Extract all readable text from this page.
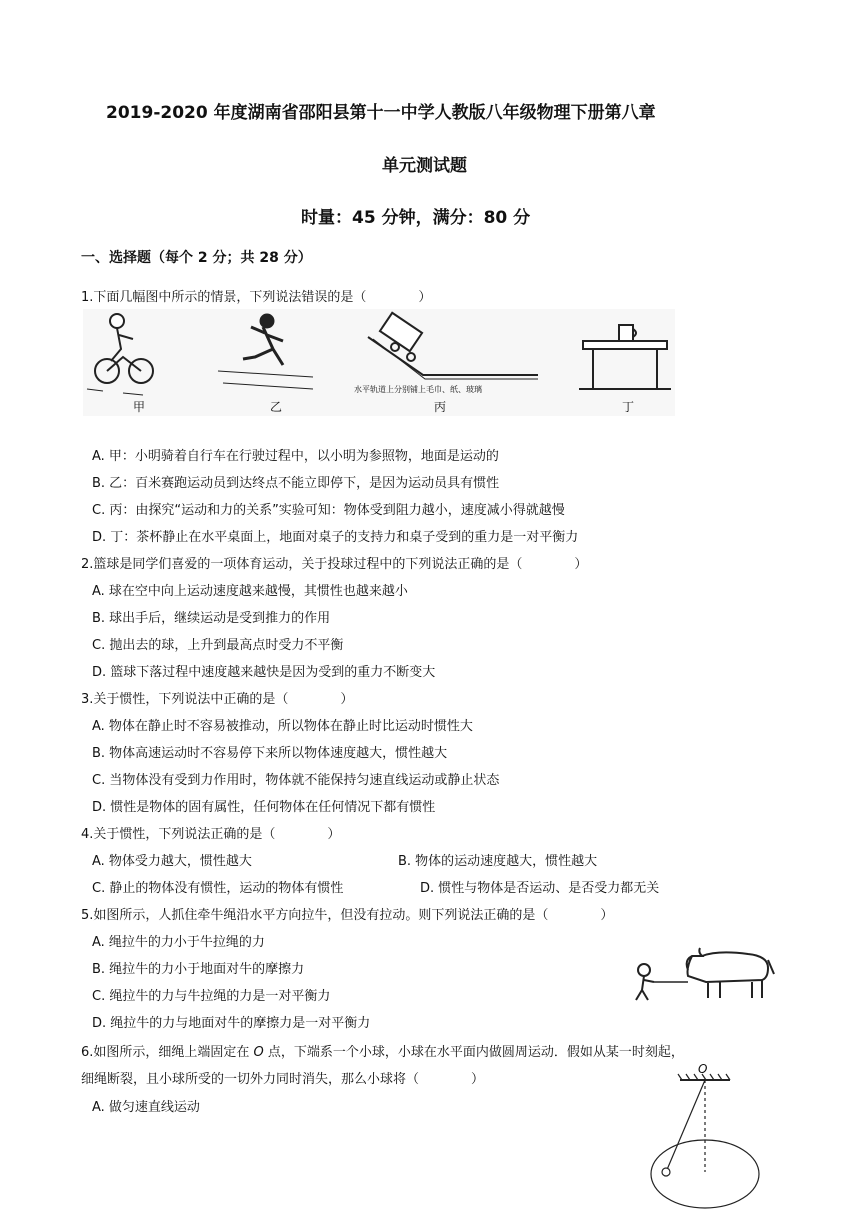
2019-2020 年度湖南省邵阳县第十一中学人教版八年级物理下册第八章
单元测试题
时量：45 分钟，满分：80 分
一、选择题（每个 2 分；共 28 分）
1.下面几幅图中所示的情景，下列说法错误的是（　　　　）
水平轨道上分别铺上毛巾、纸、玻璃
甲	乙	丙	丁
A. 甲：小明骑着自行车在行驶过程中，以小明为参照物，地面是运动的
B. 乙：百米赛跑运动员到达终点不能立即停下，是因为运动员具有惯性
C. 丙：由探究“运动和力的关系”实验可知：物体受到阻力越小，速度减小得就越慢
D. 丁：茶杯静止在水平桌面上，地面对桌子的支持力和桌子受到的重力是一对平衡力
2.篮球是同学们喜爱的一项体育运动，关于投球过程中的下列说法正确的是（　　　　）
A. 球在空中向上运动速度越来越慢，其惯性也越来越小
B. 球出手后，继续运动是受到推力的作用
C. 抛出去的球，上升到最高点时受力不平衡
D. 篮球下落过程中速度越来越快是因为受到的重力不断变大
3.关于惯性，下列说法中正确的是（　　　　）
A. 物体在静止时不容易被推动，所以物体在静止时比运动时惯性大
B. 物体高速运动时不容易停下来所以物体速度越大，惯性越大
C. 当物体没有受到力作用时，物体就不能保持匀速直线运动或静止状态
D. 惯性是物体的固有属性，任何物体在任何情况下都有惯性
4.关于惯性，下列说法正确的是（　　　　）
A. 物体受力越大，惯性越大	B. 物体的运动速度越大，惯性越大
C. 静止的物体没有惯性，运动的物体有惯性	D. 惯性与物体是否运动、是否受力都无关
5.如图所示，人抓住牵牛绳沿水平方向拉牛，但没有拉动。则下列说法正确的是（　　　　）
A. 绳拉牛的力小于牛拉绳的力
B. 绳拉牛的力小于地面对牛的摩擦力
C. 绳拉牛的力与牛拉绳的力是一对平衡力
D. 绳拉牛的力与地面对牛的摩擦力是一对平衡力
6.如图所示，细绳上端固定在 O 点，下端系一个小球，小球在水平面内做圆周运动．假如从某一时刻起，
细绳断裂，且小球所受的一切外力同时消失，那么小球将（　　　　）
A. 做匀速直线运动
O
